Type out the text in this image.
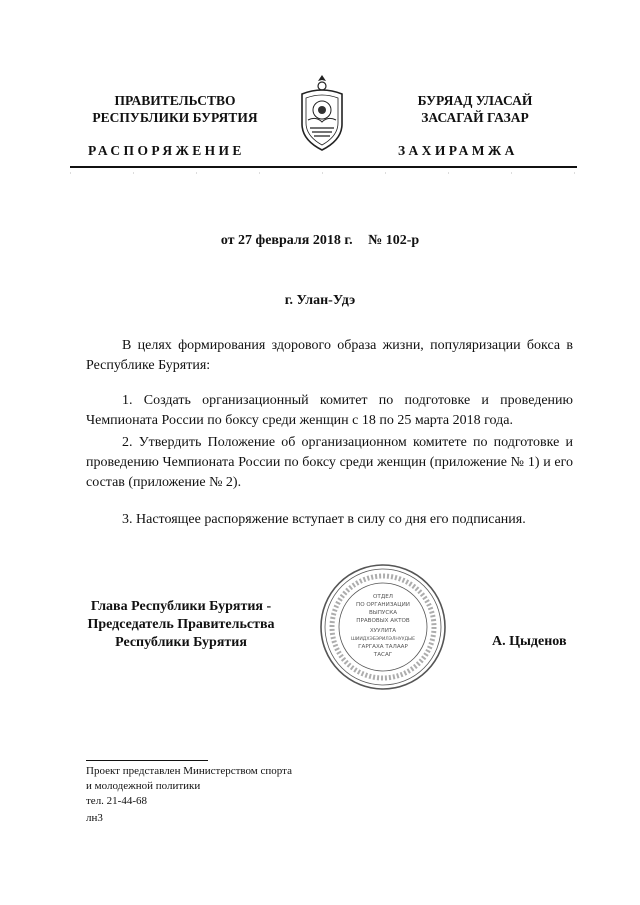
ПРАВИТЕЛЬСТВО
РЕСПУБЛИКИ БУРЯТИЯ
РАСПОРЯЖЕНИЕ
БУРЯАД УЛАСАЙ
ЗАСАГАЙ ГАЗАР
ЗАХИРАМЖА
от 27 февраля 2018 г. № 102-р
г. Улан-Удэ
В целях формирования здорового образа жизни, популяризации бокса в Республике Бурятия:
1. Создать организационный комитет по подготовке и проведению Чемпионата России по боксу среди женщин с 18 по 25 марта 2018 года.
2. Утвердить Положение об организационном комитете по подготовке и проведению Чемпионата России по боксу среди женщин (приложение № 1) и его состав (приложение № 2).
3. Настоящее распоряжение вступает в силу со дня его подписания.
Глава Республики Бурятия -
Председатель Правительства
Республики Бурятия
ОТДЕЛ
ПО ОРГАНИЗАЦИИ
ВЫПУСКА
ПРАВОВЫХ АКТОВ
ХУУЛИТА
ШИИДХЭБЭРИЛЭЛНУУДЫЕ
ГАРГАХА ТАЛААР
ТАСАГ
А. Цыденов
Проект представлен Министерством спорта
и молодежной политики
тел. 21-44-68
лн3
